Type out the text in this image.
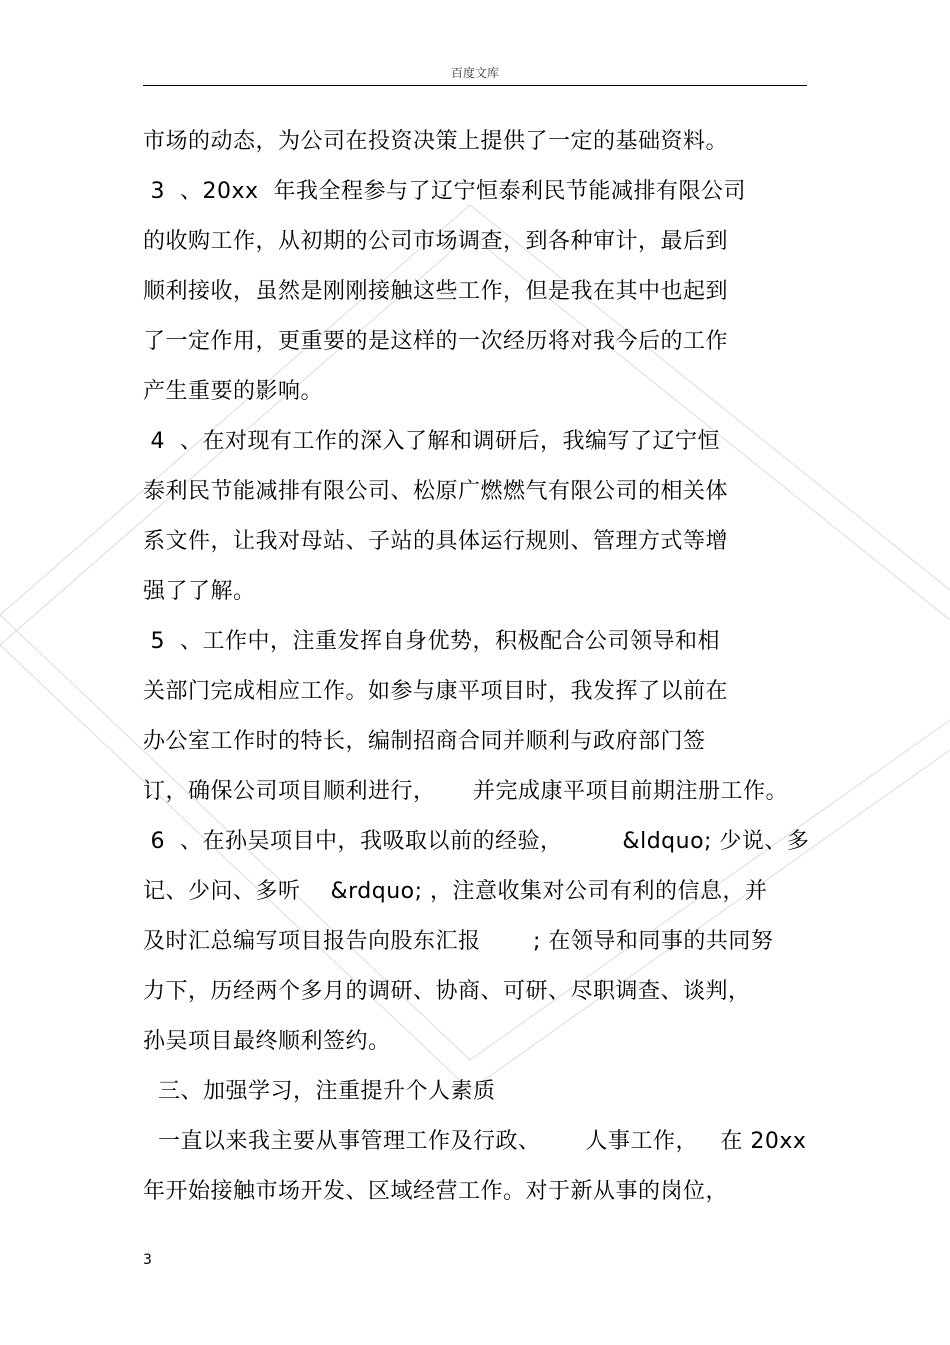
百度文库
市场的动态，为公司在投资决策上提供了一定的基础资料。
3  、20xx  年我全程参与了辽宁恒泰利民节能减排有限公司
的收购工作，从初期的公司市场调查，到各种审计，最后到
顺利接收，虽然是刚刚接触这些工作，但是我在其中也起到
了一定作用，更重要的是这样的一次经历将对我今后的工作
产生重要的影响。
4  、在对现有工作的深入了解和调研后，我编写了辽宁恒
泰利民节能减排有限公司、松原广燃燃气有限公司的相关体
系文件，让我对母站、子站的具体运行规则、管理方式等增
强了了解。
5  、工作中，注重发挥自身优势，积极配合公司领导和相
关部门完成相应工作。如参与康平项目时，我发挥了以前在
办公室工作时的特长，编制招商合同并顺利与政府部门签
订，确保公司项目顺利进行，     并完成康平项目前期注册工作。
6  、在孙吴项目中，我吸取以前的经验，        &ldquo; 少说、多
记、少问、多听    &rdquo; ，注意收集对公司有利的信息，并
及时汇总编写项目报告向股东汇报       ; 在领导和同事的共同努
力下，历经两个多月的调研、协商、可研、尽职调查、谈判，
孙吴项目最终顺利签约。
三、加强学习，注重提升个人素质
一直以来我主要从事管理工作及行政、      人事工作，   在 20xx
年开始接触市场开发、区域经营工作。对于新从事的岗位，
3
